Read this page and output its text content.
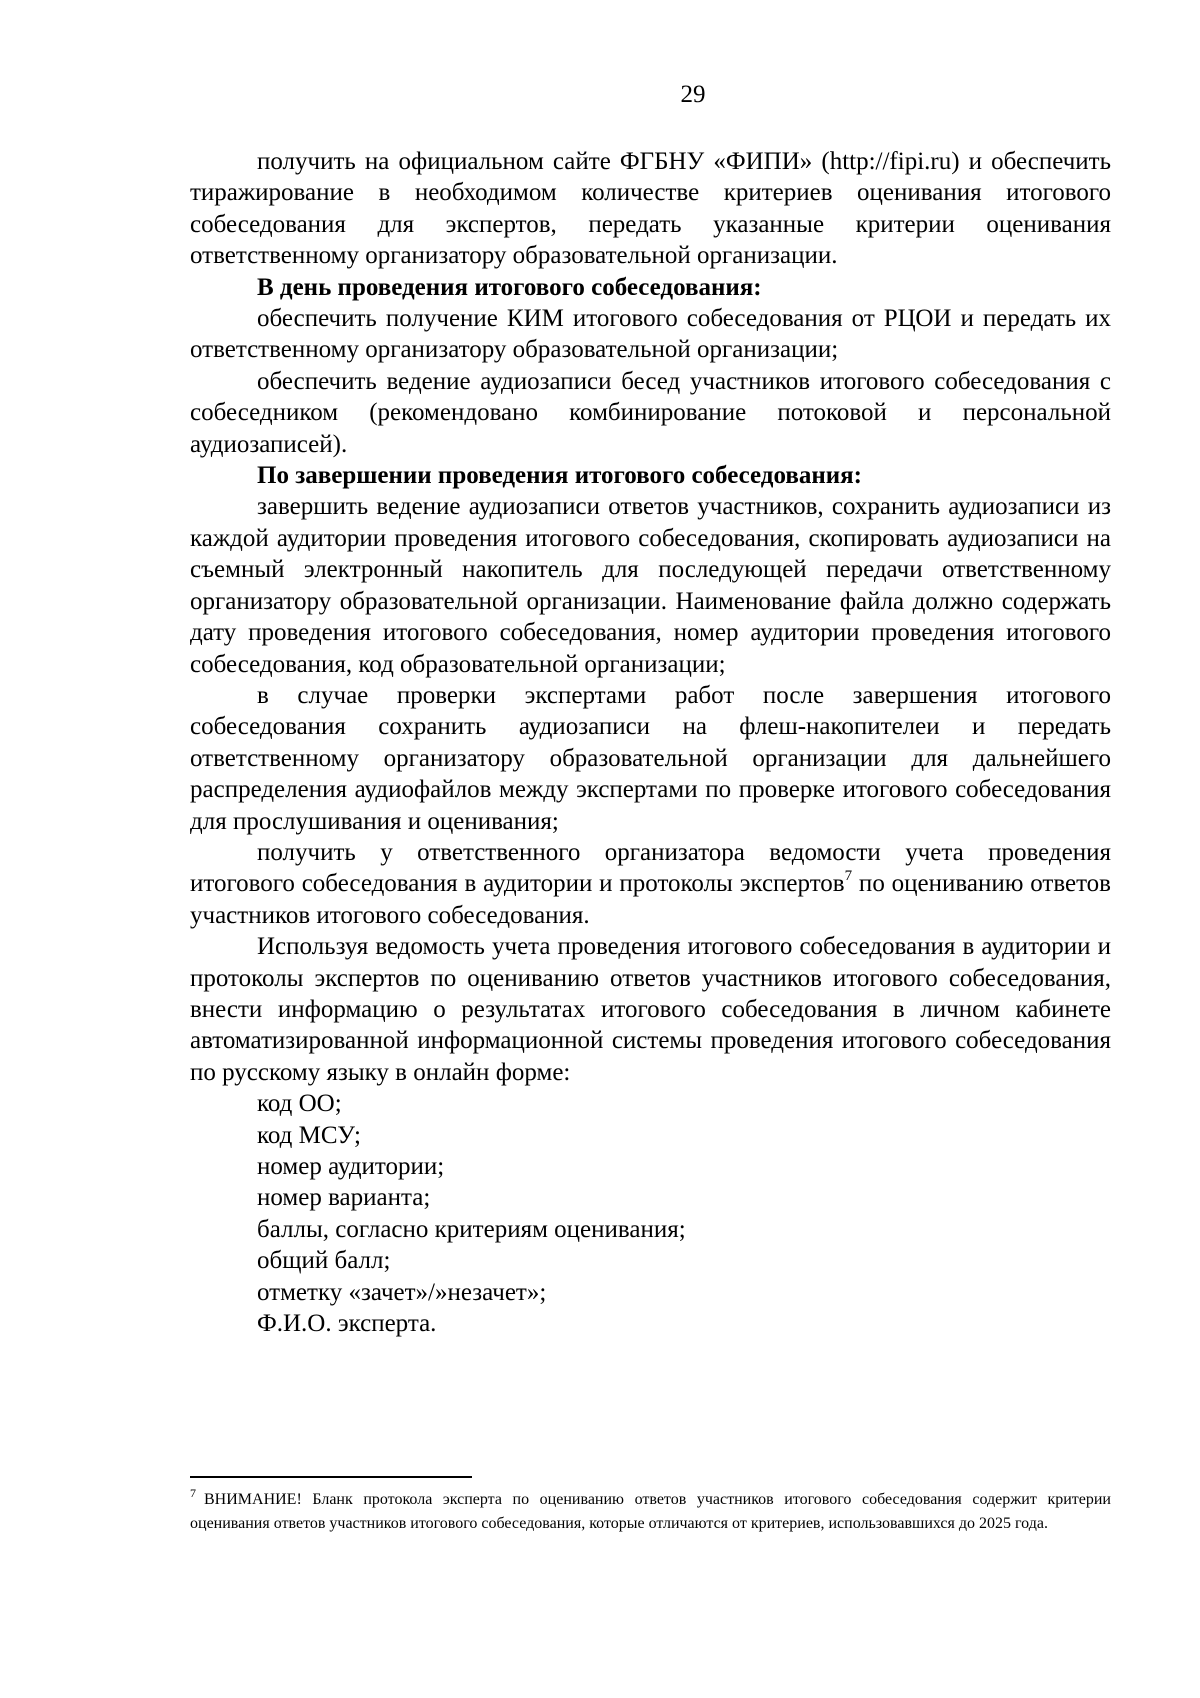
29

получить на официальном сайте ФГБНУ «ФИПИ» (http://fipi.ru) и обеспечить тиражирование в необходимом количестве критериев оценивания итогового собеседования для экспертов, передать указанные критерии оценивания ответственному организатору образовательной организации.

В день проведения итогового собеседования:

обеспечить получение КИМ итогового собеседования от РЦОИ и передать их ответственному организатору образовательной организации;

обеспечить ведение аудиозаписи бесед участников итогового собеседования с собеседником (рекомендовано комбинирование потоковой и персональной аудиозаписей).

По завершении проведения итогового собеседования:

завершить ведение аудиозаписи ответов участников, сохранить аудиозаписи из каждой аудитории проведения итогового собеседования, скопировать аудиозаписи на съемный электронный накопитель для последующей передачи ответственному организатору образовательной организации. Наименование файла должно содержать дату проведения итогового собеседования, номер аудитории проведения итогового собеседования, код образовательной организации;

в случае проверки экспертами работ после завершения итогового собеседования сохранить аудиозаписи на флеш-накопителеи и передать ответственному организатору образовательной организации для дальнейшего распределения аудиофайлов между экспертами по проверке итогового собеседования для прослушивания и оценивания;

получить у ответственного организатора ведомости учета проведения итогового собеседования в аудитории и протоколы экспертов$^7$ по оцениванию ответов участников итогового собеседования.

Используя ведомость учета проведения итогового собеседования в аудитории и протоколы экспертов по оцениванию ответов участников итогового собеседования, внести информацию о результатах итогового собеседования в личном кабинете автоматизированной информационной системы проведения итогового собеседования по русскому языку в онлайн форме:

код ОО;

код МСУ;

номер аудитории;

номер варианта;

баллы, согласно критериям оценивания;

общий балл;

отметку «зачет»/»незачет»;

Ф.И.О. эксперта.

$^7$ ВНИМАНИЕ! Бланк протокола эксперта по оцениванию ответов участников итогового собеседования содержит критерии оценивания ответов участников итогового собеседования, которые отличаются от критериев, использовавшихся до 2025 года.
